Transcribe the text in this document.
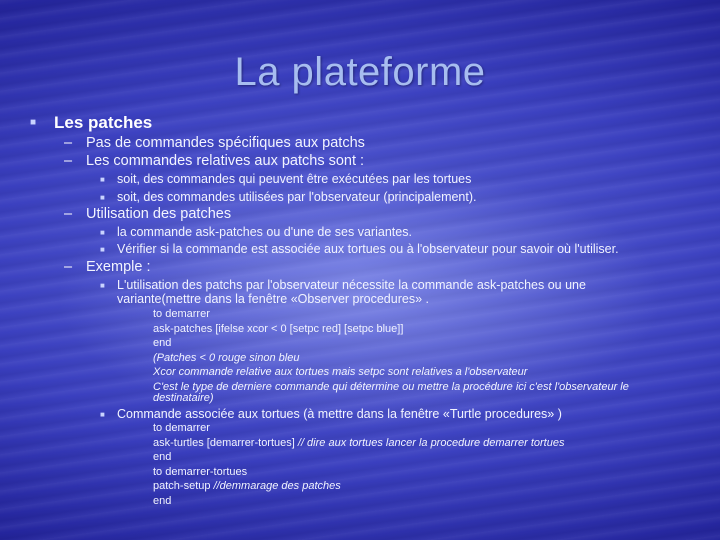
La plateforme
■ Les patches
– Pas de commandes spécifiques aux patchs
– Les commandes relatives aux patchs sont :
■ soit, des commandes qui peuvent être exécutées par les tortues
■ soit, des commandes utilisées par l'observateur (principalement).
– Utilisation des patches
■ la commande ask-patches ou d'une de ses variantes.
■ Vérifier si la commande est associée aux tortues ou à l'observateur pour savoir où l'utiliser.
– Exemple :
■ L'utilisation des patchs par l'observateur nécessite la commande ask-patches ou une
variante(mettre dans la fenêtre «Observer procedures» .
to demarrer
ask-patches [ifelse xcor < 0 [setpc red] [setpc blue]]
end
(Patches < 0 rouge sinon bleu
Xcor commande relative aux tortues mais setpc sont relatives a l'observateur
C'est le type de derniere commande qui détermine ou mettre la procédure ici c'est l'observateur le
destinataire)
■ Commande associée aux tortues (à mettre dans la fenêtre «Turtle procedures» )
to demarrer
ask-turtles [demarrer-tortues] // dire aux tortues lancer la procedure demarrer tortues
end
to demarrer-tortues
patch-setup //demmarage des patches
end
